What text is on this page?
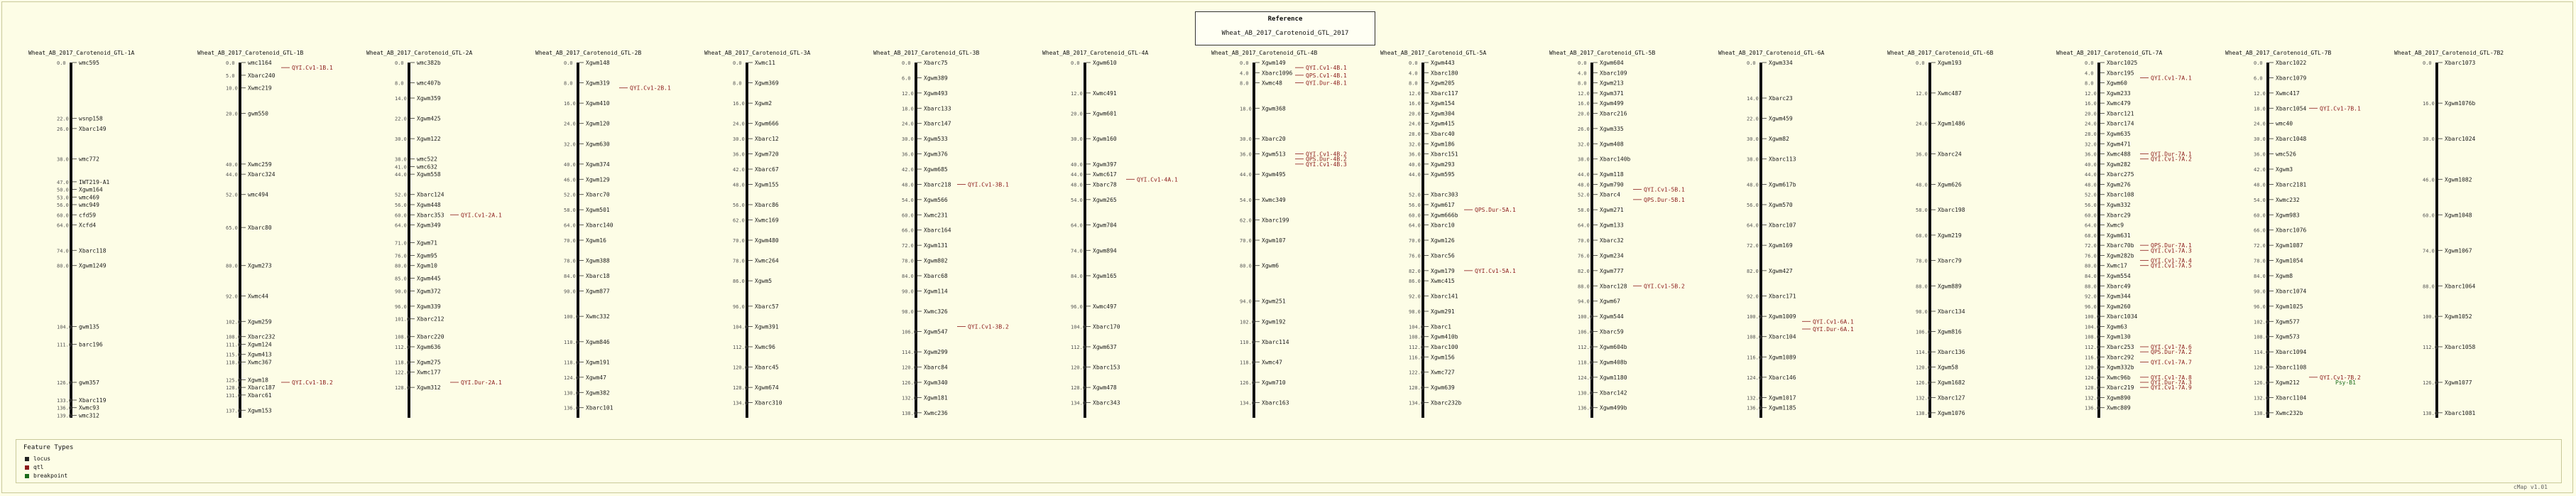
Reference
Wheat_AB_2017_Carotenoid_GTL_2017
Wheat_AB_2017_Carotenoid_GTL-1A
wmc595
0.0
wsnp158
22.0
Xbarc149
26.0
wmc772
38.0
IWT219-A1
47.0
Xgwm164
50.0
wmc469
53.0
wmc949
56.0
cfd59
60.0
Xcfd4
64.0
Xbarc118
74.0
Xgwm1249
80.0
gwm135
104.0
barc196
111.0
gwm357
126.0
Xbarc119
133.0
Xwmc93
136.0
wmc312
139.0
Wheat_AB_2017_Carotenoid_GTL-1B
wmc1164
0.0
Xbarc240
5.0
Xwmc219
10.0
gwm550
20.0
Xwmc259
40.0
Xbarc324
44.0
wmc494
52.0
Xbarc80
65.0
Xgwm273
80.0
Xwmc44
92.0
Xgwm259
102.0
Xbarc232
108.0
Xgwm124
111.0
Xgwm413
115.0
Xwmc367
118.0
Xgwm18
125.0
Xbarc187
128.0
Xbarc61
131.0
Xgwm153
137.0
QYI.Cv1-1B.1
QYI.Cv1-1B.2
Wheat_AB_2017_Carotenoid_GTL-2A
wmc382b
0.0
wmc407b
8.0
Xgwm359
14.0
Xgwm425
22.0
Xgwm122
30.0
wmc522
38.0
wmc632
41.0
Xgwm558
44.0
Xbarc124
52.0
Xgwm448
56.0
Xbarc353
60.0
Xgwm349
64.0
Xgwm71
71.0
Xgwm95
76.0
Xgwm10
80.0
Xgwm445
85.0
Xgwm372
90.0
Xgwm339
96.0
Xbarc212
101.0
Xbarc220
108.0
Xgwm636
112.0
Xgwm275
118.0
Xwmc177
122.0
Xgwm312
128.0
QYI.Cv1-2A.1
QYI.Dur-2A.1
Wheat_AB_2017_Carotenoid_GTL-2B
Xgwm148
0.0
Xgwm319
8.0
Xgwm410
16.0
Xgwm120
24.0
Xgwm630
32.0
Xgwm374
40.0
Xgwm129
46.0
Xbarc70
52.0
Xgwm501
58.0
Xbarc140
64.0
Xgwm16
70.0
Xgwm388
78.0
Xbarc18
84.0
Xgwm877
90.0
Xwmc332
100.0
Xgwm846
110.0
Xgwm191
118.0
Xgwm47
124.0
Xgwm382
130.0
Xbarc101
136.0
QYI.Cv1-2B.1
Wheat_AB_2017_Carotenoid_GTL-3A
Xwmc11
0.0
Xgwm369
8.0
Xgwm2
16.0
Xgwm666
24.0
Xbarc12
30.0
Xgwm720
36.0
Xbarc67
42.0
Xgwm155
48.0
Xbarc86
56.0
Xwmc169
62.0
Xgwm480
70.0
Xwmc264
78.0
Xgwm5
86.0
Xbarc57
96.0
Xgwm391
104.0
Xwmc96
112.0
Xbarc45
120.0
Xgwm674
128.0
Xbarc310
134.0
Wheat_AB_2017_Carotenoid_GTL-3B
Xbarc75
0.0
Xgwm389
6.0
Xgwm493
12.0
Xbarc133
18.0
Xbarc147
24.0
Xgwm533
30.0
Xgwm376
36.0
Xgwm685
42.0
Xbarc218
48.0
Xgwm566
54.0
Xwmc231
60.0
Xbarc164
66.0
Xgwm131
72.0
Xgwm802
78.0
Xbarc68
84.0
Xgwm114
90.0
Xwmc326
98.0
Xgwm547
106.0
Xgwm299
114.0
Xbarc84
120.0
Xgwm340
126.0
Xgwm181
132.0
Xwmc236
138.0
QYI.Cv1-3B.1
QYI.Cv1-3B.2
Wheat_AB_2017_Carotenoid_GTL-4A
Xgwm610
0.0
Xwmc491
12.0
Xgwm601
20.0
Xgwm160
30.0
Xgwm397
40.0
Xwmc617
44.0
Xbarc78
48.0
Xgwm265
54.0
Xgwm704
64.0
Xgwm894
74.0
Xgwm165
84.0
Xwmc497
96.0
Xbarc170
104.0
Xgwm637
112.0
Xbarc153
120.0
Xgwm478
128.0
Xbarc343
134.0
QYI.Cv1-4A.1
Wheat_AB_2017_Carotenoid_GTL-4B
Xgwm149
0.0
Xbarc1096
4.0
Xwmc48
8.0
Xgwm368
18.0
Xbarc20
30.0
Xgwm513
36.0
Xgwm495
44.0
Xwmc349
54.0
Xbarc199
62.0
Xgwm107
70.0
Xgwm6
80.0
Xgwm251
94.0
Xgwm192
102.0
Xbarc114
110.0
Xwmc47
118.0
Xgwm710
126.0
Xbarc163
134.0
QYI.Cv1-4B.1
QPS.Cv1-4B.1
QYI.Dur-4B.1
QYI.Cv1-4B.2
QPS.Dur-4B.2
QYI.Cv1-4B.3
Wheat_AB_2017_Carotenoid_GTL-5A
Xgwm443
0.0
Xbarc180
4.0
Xgwm205
8.0
Xbarc117
12.0
Xgwm154
16.0
Xgwm304
20.0
Xgwm415
24.0
Xbarc40
28.0
Xgwm186
32.0
Xbarc151
36.0
Xgwm293
40.0
Xgwm595
44.0
Xbarc303
52.0
Xgwm617
56.0
Xgwm666b
60.0
Xbarc10
64.0
Xgwm126
70.0
Xbarc56
76.0
Xgwm179
82.0
Xwmc415
86.0
Xbarc141
92.0
Xgwm291
98.0
Xbarc1
104.0
Xgwm410b
108.0
Xbarc100
112.0
Xgwm156
116.0
Xwmc727
122.0
Xgwm639
128.0
Xbarc232b
134.0
QPS.Dur-5A.1
QYI.Cv1-5A.1
Wheat_AB_2017_Carotenoid_GTL-5B
Xgwm604
0.0
Xbarc109
4.0
Xgwm213
8.0
Xgwm371
12.0
Xgwm499
16.0
Xbarc216
20.0
Xgwm335
26.0
Xgwm408
32.0
Xbarc140b
38.0
Xgwm118
44.0
Xgwm790
48.0
Xbarc4
52.0
Xgwm271
58.0
Xgwm133
64.0
Xbarc32
70.0
Xgwm234
76.0
Xgwm777
82.0
Xbarc128
88.0
Xgwm67
94.0
Xgwm544
100.0
Xbarc59
106.0
Xgwm604b
112.0
Xgwm408b
118.0
Xgwm1180
124.0
Xbarc142
130.0
Xgwm499b
136.0
QYI.Cv1-5B.1
QPS.Dur-5B.1
QYI.Cv1-5B.2
Wheat_AB_2017_Carotenoid_GTL-6A
Xgwm334
0.0
Xbarc23
14.0
Xgwm459
22.0
Xgwm82
30.0
Xbarc113
38.0
Xgwm617b
48.0
Xgwm570
56.0
Xbarc107
64.0
Xgwm169
72.0
Xgwm427
82.0
Xbarc171
92.0
Xgwm1009
100.0
Xbarc104
108.0
Xgwm1089
116.0
Xbarc146
124.0
Xgwm1017
132.0
Xgwm1185
136.0
QYI.Cv1-6A.1
QYI.Dur-6A.1
Wheat_AB_2017_Carotenoid_GTL-6B
Xgwm193
0.0
Xwmc487
12.0
Xgwm1486
24.0
Xbarc24
36.0
Xgwm626
48.0
Xbarc198
58.0
Xgwm219
68.0
Xbarc79
78.0
Xgwm889
88.0
Xbarc134
98.0
Xgwm816
106.0
Xbarc136
114.0
Xgwm58
120.0
Xgwm1682
126.0
Xbarc127
132.0
Xgwm1076
138.0
Wheat_AB_2017_Carotenoid_GTL-7A
Xbarc1025
0.0
Xbarc195
4.0
Xgwm60
8.0
Xgwm233
12.0
Xwmc479
16.0
Xbarc121
20.0
Xbarc174
24.0
Xgwm635
28.0
Xgwm471
32.0
Xwmc488
36.0
Xgwm282
40.0
Xbarc275
44.0
Xgwm276
48.0
Xbarc108
52.0
Xgwm332
56.0
Xbarc29
60.0
Xwmc9
64.0
Xgwm631
68.0
Xbarc70b
72.0
Xgwm282b
76.0
Xwmc17
80.0
Xgwm554
84.0
Xbarc49
88.0
Xgwm344
92.0
Xgwm260
96.0
Xbarc1034
100.0
Xgwm63
104.0
Xgwm130
108.0
Xbarc253
112.0
Xbarc292
116.0
Xgwm332b
120.0
Xwmc96b
124.0
Xbarc219
128.0
Xgwm890
132.0
Xwmc809
136.0
QYI.Cv1-7A.1
QYI.Dur-7A.1
QYI.Cv1-7A.2
QPS.Dur-7A.1
QYI.Cv1-7A.3
QYI.Cv1-7A.4
QYI.Cv1-7A.5
QYI.Cv1-7A.6
QPS.Dur-7A.2
QYI.Cv1-7A.7
QYI.Cv1-7A.8
QYI.Dur-7A.3
QYI.Cv1-7A.9
Wheat_AB_2017_Carotenoid_GTL-7B
Xbarc1022
0.0
Xbarc1079
6.0
Xwmc417
12.0
Xbarc1054
18.0
wmc40
24.0
Xbarc1048
30.0
wmc526
36.0
Xgwm3
42.0
Xbarc2181
48.0
Xwmc232
54.0
Xgwm983
60.0
Xbarc1076
66.0
Xgwm1087
72.0
Xgwm1054
78.0
Xgwm8
84.0
Xbarc1074
90.0
Xgwm1025
96.0
Xgwm577
102.0
Xgwm573
108.0
Xbarc1094
114.0
Xbarc1108
120.0
Xgwm212
126.0
Xbarc1104
132.0
Xwmc232b
138.0
QYI.Cv1-7B.1
QYI.Cv1-7B.2
Psy-B1
Wheat_AB_2017_Carotenoid_GTL-7B2
Xbarc1073
0.0
Xgwm1076b
16.0
Xbarc1024
30.0
Xgwm1082
46.0
Xgwm1048
60.0
Xgwm1067
74.0
Xbarc1064
88.0
Xgwm1052
100.0
Xbarc1058
112.0
Xgwm1077
126.0
Xbarc1081
138.0
Feature Types
locus
qtl
breakpoint
cMap v1.01
